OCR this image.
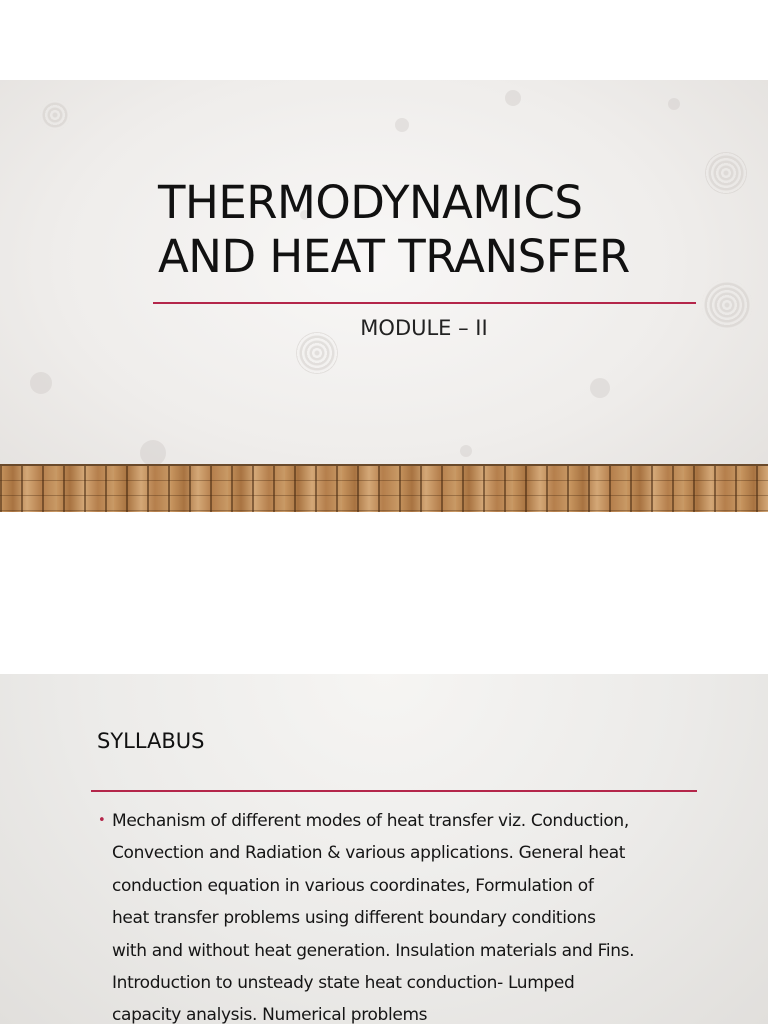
THERMODYNAMICS
AND HEAT TRANSFER
MODULE – II
SYLLABUS
• Mechanism of different modes of heat transfer viz. Conduction,
Convection and Radiation & various applications. General heat
conduction equation in various coordinates, Formulation of
heat transfer problems using different boundary conditions
with and without heat generation. Insulation materials and Fins.
Introduction to unsteady state heat conduction- Lumped
capacity analysis. Numerical problems
